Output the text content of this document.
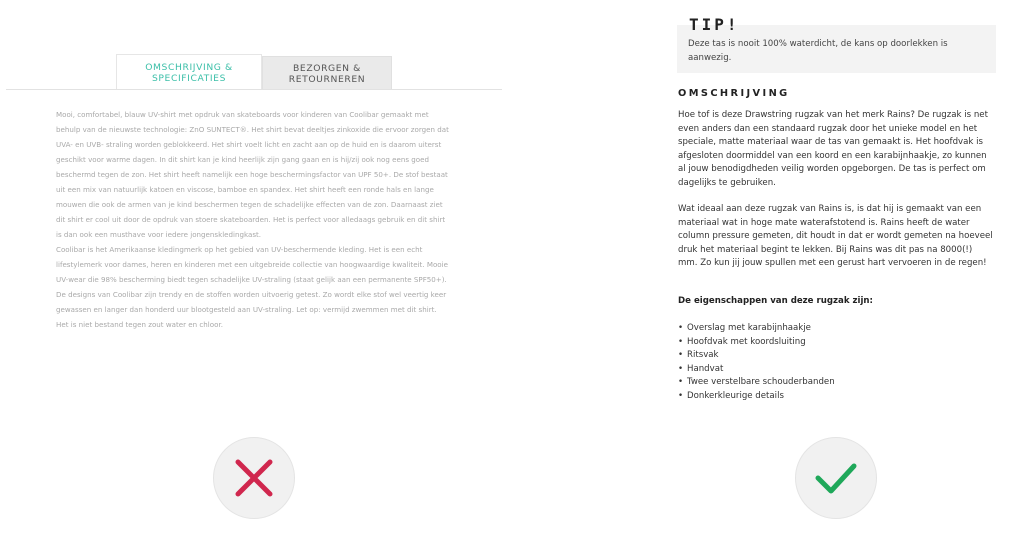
OMSCHRIJVING &
SPECIFICATIES
BEZORGEN &
RETOURNEREN

Mooi, comfortabel, blauw UV-shirt met opdruk van skateboards voor kinderen van Coolibar gemaakt met behulp van de nieuwste technologie: ZnO SUNTECT®. Het shirt bevat deeltjes zinkoxide die ervoor zorgen dat UVA- en UVB- straling worden geblokkeerd. Het shirt voelt licht en zacht aan op de huid en is daarom uiterst geschikt voor warme dagen. In dit shirt kan je kind heerlijk zijn gang gaan en is hij/zij ook nog eens goed beschermd tegen de zon. Het shirt heeft namelijk een hoge beschermingsfactor van UPF 50+. De stof bestaat uit een mix van natuurlijk katoen en viscose, bamboe en spandex. Het shirt heeft een ronde hals en lange mouwen die ook de armen van je kind beschermen tegen de schadelijke effecten van de zon. Daarnaast ziet dit shirt er cool uit door de opdruk van stoere skateboarden. Het is perfect voor alledaags gebruik en dit shirt is dan ook een musthave voor iedere jongenskledingkast.

Coolibar is het Amerikaanse kledingmerk op het gebied van UV-beschermende kleding. Het is een echt lifestylemerk voor dames, heren en kinderen met een uitgebreide collectie van hoogwaardige kwaliteit. Mooie UV-wear die 98% bescherming biedt tegen schadelijke UV-straling (staat gelijk aan een permanente SPF50+). De designs van Coolibar zijn trendy en de stoffen worden uitvoerig getest. Zo wordt elke stof wel veertig keer gewassen en langer dan honderd uur blootgesteld aan UV-straling. Let op: vermijd zwemmen met dit shirt. Het is niet bestand tegen zout water en chloor.

TIP!
Deze tas is nooit 100% waterdicht, de kans op doorlekken is aanwezig.
OMSCHRIJVING

Hoe tof is deze Drawstring rugzak van het merk Rains? De rugzak is net even anders dan een standaard rugzak door het unieke model en het speciale, matte materiaal waar de tas van gemaakt is. Het hoofdvak is afgesloten doormiddel van een koord en een karabijnhaakje, zo kunnen al jouw benodigdheden veilig worden opgeborgen. De tas is perfect om dagelijks te gebruiken.

Wat ideaal aan deze rugzak van Rains is, is dat hij is gemaakt van een materiaal wat in hoge mate waterafstotend is. Rains heeft de water column pressure gemeten, dit houdt in dat er wordt gemeten na hoeveel druk het materiaal begint te lekken. Bij Rains was dit pas na 8000(!) mm. Zo kun jij jouw spullen met een gerust hart vervoeren in de regen!

De eigenschappen van deze rugzak zijn:
• Overslag met karabijnhaakje
• Hoofdvak met koordsluiting
• Ritsvak
• Handvat
• Twee verstelbare schouderbanden
• Donkerkleurige details
